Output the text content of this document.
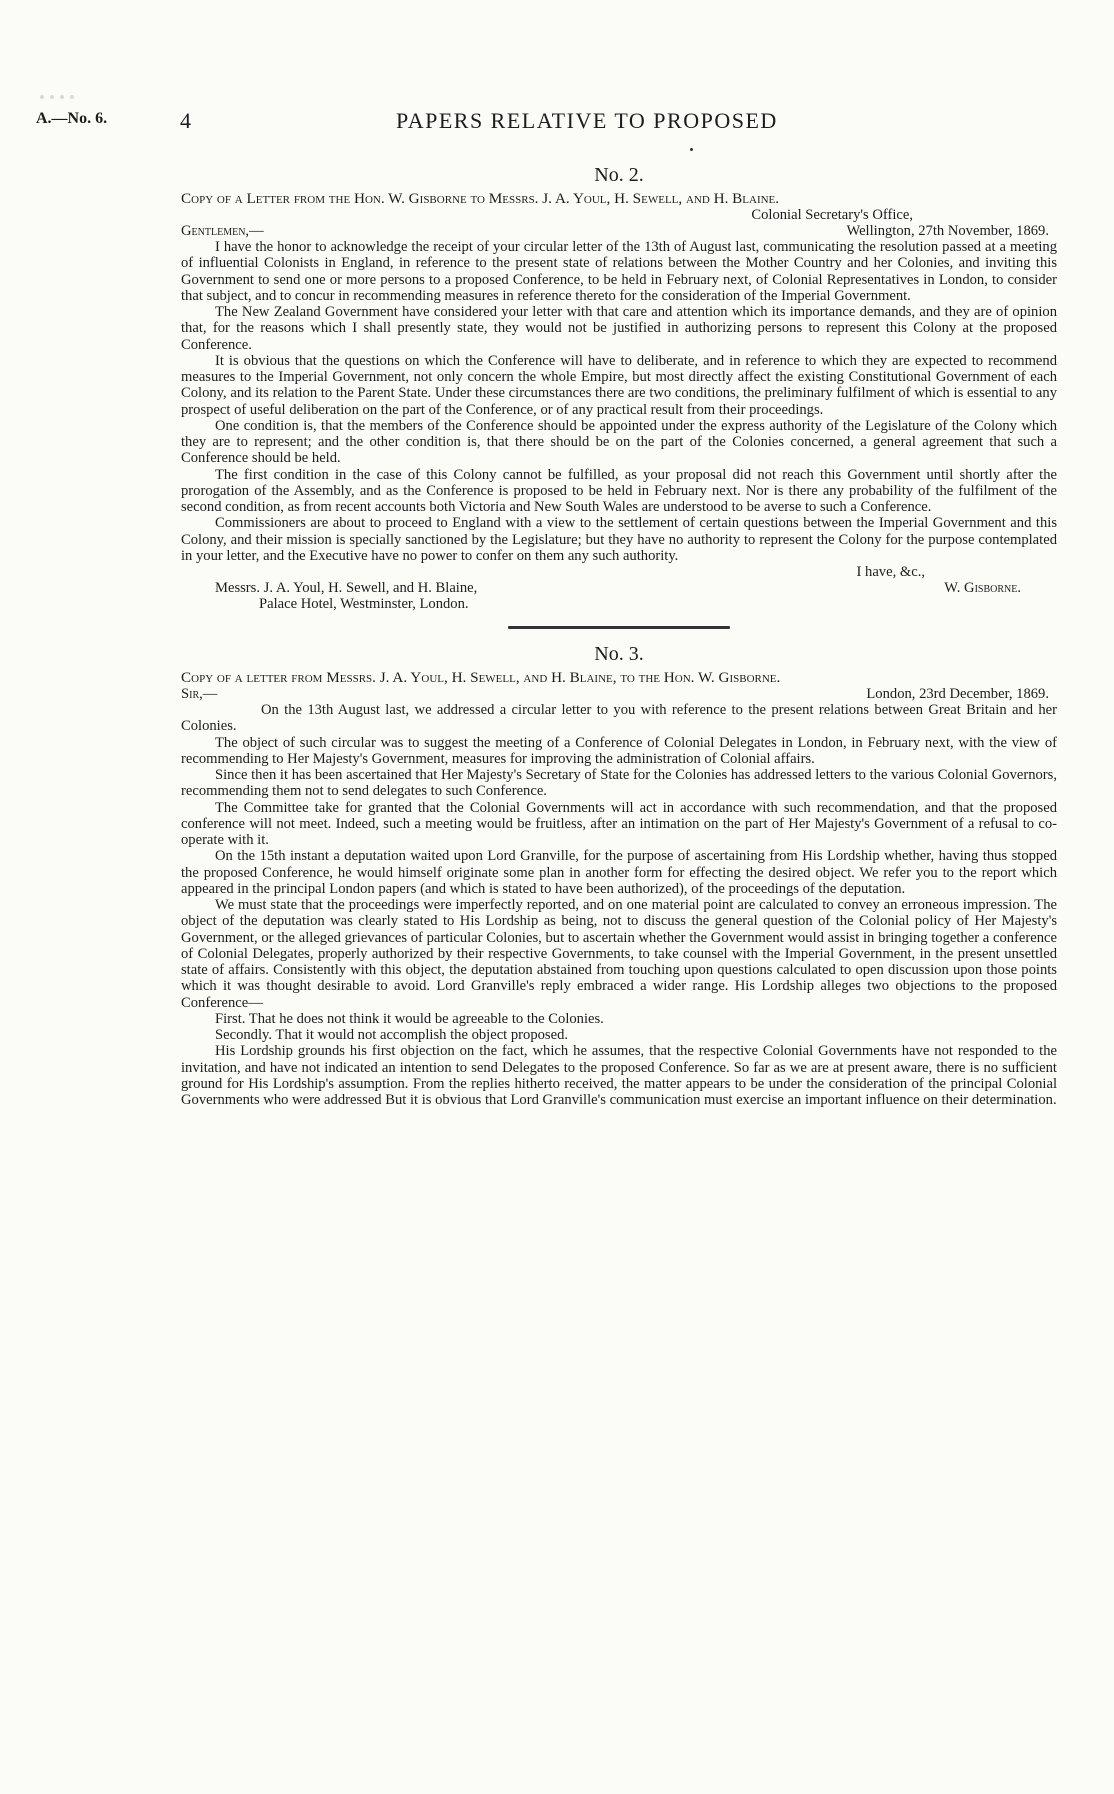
A.—No. 6.	4	PAPERS RELATIVE TO PROPOSED

No. 2.

Copy of a Letter from the Hon. W. Gisborne to Messrs. J. A. Youl, H. Sewell, and H. Blaine.

Colonial Secretary's Office,
Gentlemen,—	Wellington, 27th November, 1869.

I have the honor to acknowledge the receipt of your circular letter of the 13th of August last, communicating the resolution passed at a meeting of influential Colonists in England, in reference to the present state of relations between the Mother Country and her Colonies, and inviting this Government to send one or more persons to a proposed Conference, to be held in February next, of Colonial Representatives in London, to consider that subject, and to concur in recommending measures in reference thereto for the consideration of the Imperial Government.

The New Zealand Government have considered your letter with that care and attention which its importance demands, and they are of opinion that, for the reasons which I shall presently state, they would not be justified in authorizing persons to represent this Colony at the proposed Conference.

It is obvious that the questions on which the Conference will have to deliberate, and in reference to which they are expected to recommend measures to the Imperial Government, not only concern the whole Empire, but most directly affect the existing Constitutional Government of each Colony, and its relation to the Parent State. Under these circumstances there are two conditions, the preliminary fulfilment of which is essential to any prospect of useful deliberation on the part of the Conference, or of any practical result from their proceedings.

One condition is, that the members of the Conference should be appointed under the express authority of the Legislature of the Colony which they are to represent; and the other condition is, that there should be on the part of the Colonies concerned, a general agreement that such a Conference should be held.

The first condition in the case of this Colony cannot be fulfilled, as your proposal did not reach this Government until shortly after the prorogation of the Assembly, and as the Conference is proposed to be held in February next. Nor is there any probability of the fulfilment of the second condition, as from recent accounts both Victoria and New South Wales are understood to be averse to such a Conference.

Commissioners are about to proceed to England with a view to the settlement of certain questions between the Imperial Government and this Colony, and their mission is specially sanctioned by the Legislature; but they have no authority to represent the Colony for the purpose contemplated in your letter, and the Executive have no power to confer on them any such authority.

I have, &c.,
Messrs. J. A. Youl, H. Sewell, and H. Blaine,	W. Gisborne.
Palace Hotel, Westminster, London.

No. 3.

Copy of a letter from Messrs. J. A. Youl, H. Sewell, and H. Blaine, to the Hon. W. Gisborne.

Sir,—	London, 23rd December, 1869.

On the 13th August last, we addressed a circular letter to you with reference to the present relations between Great Britain and her Colonies.

The object of such circular was to suggest the meeting of a Conference of Colonial Delegates in London, in February next, with the view of recommending to Her Majesty's Government, measures for improving the administration of Colonial affairs.

Since then it has been ascertained that Her Majesty's Secretary of State for the Colonies has addressed letters to the various Colonial Governors, recommending them not to send delegates to such Conference.

The Committee take for granted that the Colonial Governments will act in accordance with such recommendation, and that the proposed conference will not meet. Indeed, such a meeting would be fruitless, after an intimation on the part of Her Majesty's Government of a refusal to co-operate with it.

On the 15th instant a deputation waited upon Lord Granville, for the purpose of ascertaining from His Lordship whether, having thus stopped the proposed Conference, he would himself originate some plan in another form for effecting the desired object. We refer you to the report which appeared in the principal London papers (and which is stated to have been authorized), of the proceedings of the deputation.

We must state that the proceedings were imperfectly reported, and on one material point are calculated to convey an erroneous impression. The object of the deputation was clearly stated to His Lordship as being, not to discuss the general question of the Colonial policy of Her Majesty's Government, or the alleged grievances of particular Colonies, but to ascertain whether the Government would assist in bringing together a conference of Colonial Delegates, properly authorized by their respective Governments, to take counsel with the Imperial Government, in the present unsettled state of affairs. Consistently with this object, the deputation abstained from touching upon questions calculated to open discussion upon those points which it was thought desirable to avoid. Lord Granville's reply embraced a wider range. His Lordship alleges two objections to the proposed Conference—

First. That he does not think it would be agreeable to the Colonies.

Secondly. That it would not accomplish the object proposed.

His Lordship grounds his first objection on the fact, which he assumes, that the respective Colonial Governments have not responded to the invitation, and have not indicated an intention to send Delegates to the proposed Conference. So far as we are at present aware, there is no sufficient ground for His Lordship's assumption. From the replies hitherto received, the matter appears to be under the consideration of the principal Colonial Governments who were addressed But it is obvious that Lord Granville's communication must exercise an important influence on their determination.
